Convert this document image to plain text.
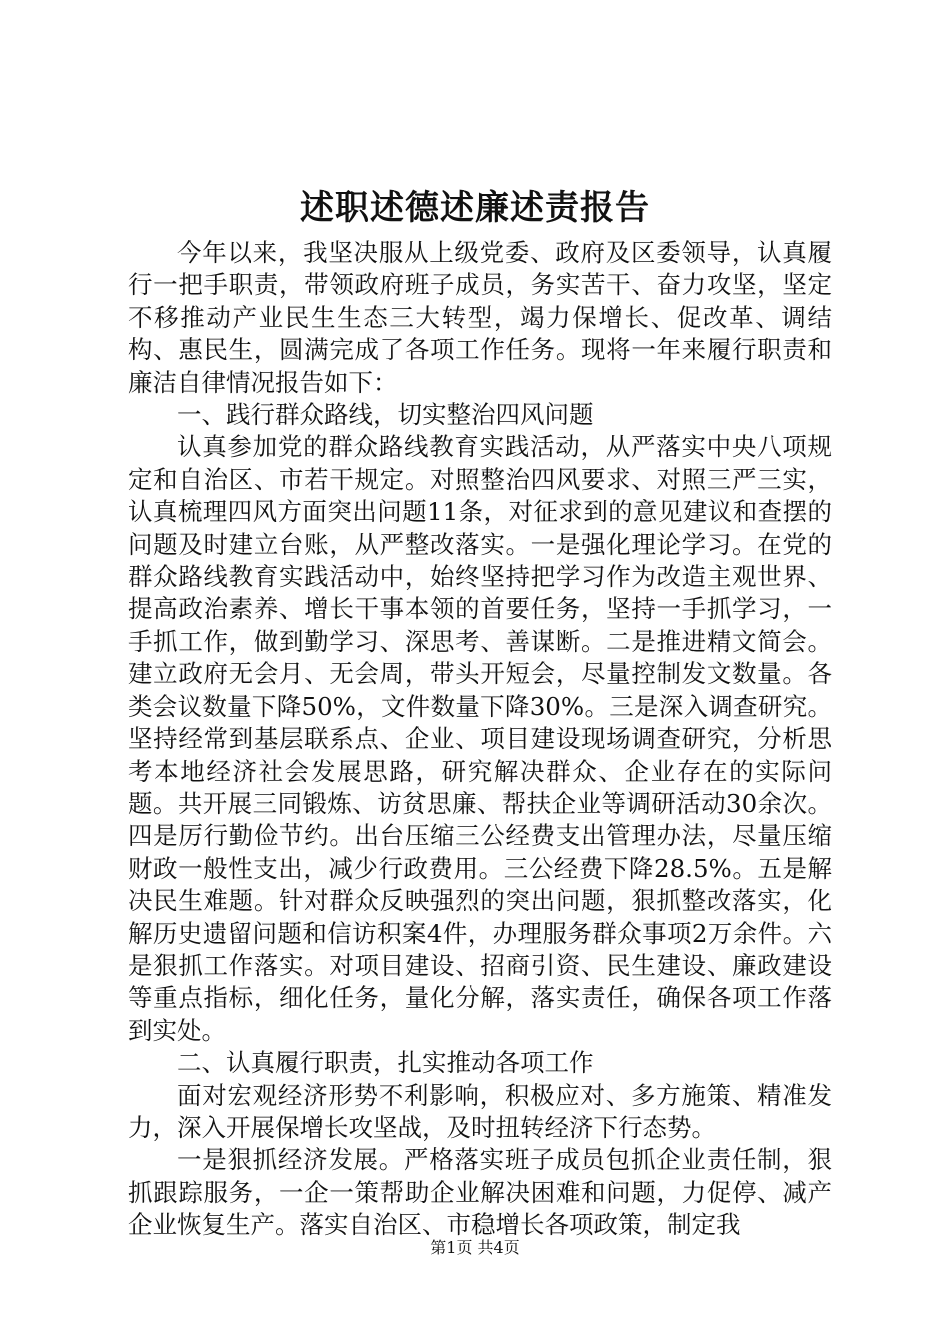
述职述德述廉述责报告

今年以来，我坚决服从上级党委、政府及区委领导，认真履行一把手职责，带领政府班子成员，务实苦干、奋力攻坚，坚定不移推动产业民生生态三大转型，竭力保增长、促改革、调结构、惠民生，圆满完成了各项工作任务。现将一年来履行职责和廉洁自律情况报告如下：

一、践行群众路线，切实整治四风问题

认真参加党的群众路线教育实践活动，从严落实中央八项规定和自治区、市若干规定。对照整治四风要求、对照三严三实，认真梳理四风方面突出问题11条，对征求到的意见建议和查摆的问题及时建立台账，从严整改落实。一是强化理论学习。在党的群众路线教育实践活动中，始终坚持把学习作为改造主观世界、提高政治素养、增长干事本领的首要任务，坚持一手抓学习，一手抓工作，做到勤学习、深思考、善谋断。二是推进精文简会。建立政府无会月、无会周，带头开短会，尽量控制发文数量。各类会议数量下降50%，文件数量下降30%。三是深入调查研究。坚持经常到基层联系点、企业、项目建设现场调查研究，分析思考本地经济社会发展思路，研究解决群众、企业存在的实际问题。共开展三同锻炼、访贫思廉、帮扶企业等调研活动30余次。四是厉行勤俭节约。出台压缩三公经费支出管理办法，尽量压缩财政一般性支出，减少行政费用。三公经费下降28.5%。五是解决民生难题。针对群众反映强烈的突出问题，狠抓整改落实，化解历史遗留问题和信访积案4件，办理服务群众事项2万余件。六是狠抓工作落实。对项目建设、招商引资、民生建设、廉政建设等重点指标，细化任务，量化分解，落实责任，确保各项工作落到实处。

二、认真履行职责，扎实推动各项工作

面对宏观经济形势不利影响，积极应对、多方施策、精准发力，深入开展保增长攻坚战，及时扭转经济下行态势。

一是狠抓经济发展。严格落实班子成员包抓企业责任制，狠抓跟踪服务，一企一策帮助企业解决困难和问题，力促停、减产企业恢复生产。落实自治区、市稳增长各项政策，制定我

第1页 共4页
